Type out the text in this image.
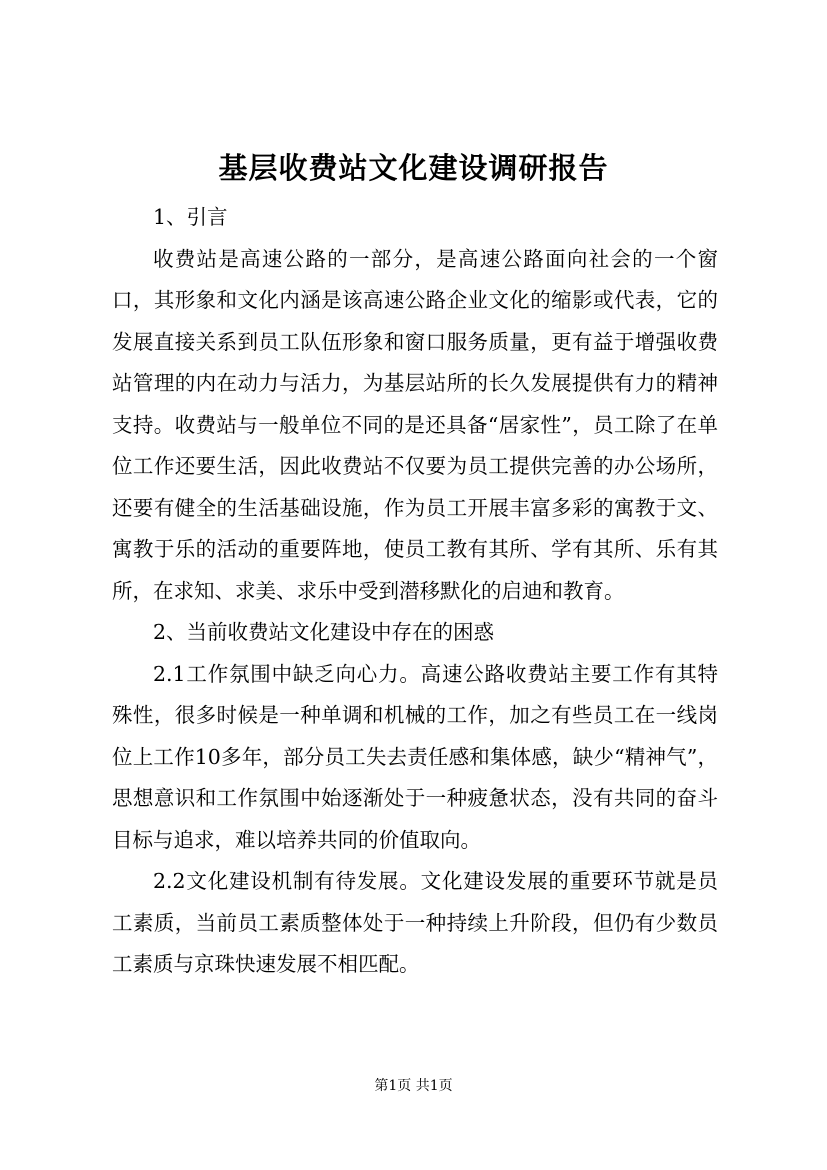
基层收费站文化建设调研报告

1、引言

收费站是高速公路的一部分，是高速公路面向社会的一个窗口，其形象和文化内涵是该高速公路企业文化的缩影或代表，它的发展直接关系到员工队伍形象和窗口服务质量，更有益于增强收费站管理的内在动力与活力，为基层站所的长久发展提供有力的精神支持。收费站与一般单位不同的是还具备“居家性”，员工除了在单位工作还要生活，因此收费站不仅要为员工提供完善的办公场所，还要有健全的生活基础设施，作为员工开展丰富多彩的寓教于文、寓教于乐的活动的重要阵地，使员工教有其所、学有其所、乐有其所，在求知、求美、求乐中受到潜移默化的启迪和教育。

2、当前收费站文化建设中存在的困惑

2.1工作氛围中缺乏向心力。高速公路收费站主要工作有其特殊性，很多时候是一种单调和机械的工作，加之有些员工在一线岗位上工作10多年，部分员工失去责任感和集体感，缺少“精神气”，思想意识和工作氛围中始逐渐处于一种疲惫状态，没有共同的奋斗目标与追求，难以培养共同的价值取向。

2.2文化建设机制有待发展。文化建设发展的重要环节就是员工素质，当前员工素质整体处于一种持续上升阶段，但仍有少数员工素质与京珠快速发展不相匹配。

第1页 共1页
